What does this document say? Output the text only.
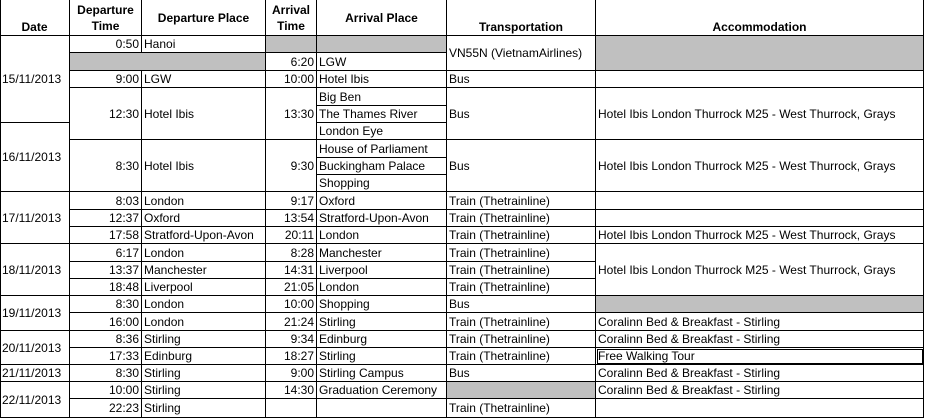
Date
Departure Time
Departure Place
Arrival Time
Arrival Place
Transportation	Accommodation
15/11/2013
16/11/2013
17/11/2013
18/11/2013
19/11/2013
20/11/2013
21/11/2013
22/11/2013
0:50 Hanoi
9:00 LGW
12:30 Hotel Ibis
8:30 Hotel Ibis
8:03 London
12:37 Oxford
17:58 Stratford-Upon-Avon
6:17 London
13:37 Manchester
18:48 Liverpool
8:30 London
16:00 London
8:36 Stirling
17:33 Edinburg
8:30 Stirling
10:00 Stirling
22:23 Stirling
6:20
10:00
13:30
9:30
9:17
13:54
20:11
8:28
14:31
21:05
10:00
21:24
9:34
18:27
9:00
14:30
LGW
Hotel Ibis
Big Ben
The Thames River
London Eye
House of Parliament
Buckingham Palace
Shopping
Oxford
Stratford-Upon-Avon
London
Manchester
Liverpool
London
Shopping
Stirling
Edinburg
Stirling
Stirling Campus
Graduation Ceremony
VN55N (VietnamAirlines)
Bus
Bus
Bus
Train (Thetrainline)
Train (Thetrainline)
Train (Thetrainline)
Train (Thetrainline)
Train (Thetrainline)
Train (Thetrainline)
Bus
Train (Thetrainline)
Train (Thetrainline)
Train (Thetrainline)
Bus
Train (Thetrainline)
Hotel Ibis London Thurrock M25 - West Thurrock, Grays
Hotel Ibis London Thurrock M25 - West Thurrock, Grays
Hotel Ibis London Thurrock M25 - West Thurrock, Grays
Hotel Ibis London Thurrock M25 - West Thurrock, Grays
Coralinn Bed & Breakfast - Stirling
Coralinn Bed & Breakfast - Stirling
Free Walking Tour
Coralinn Bed & Breakfast - Stirling
Coralinn Bed & Breakfast - Stirling
